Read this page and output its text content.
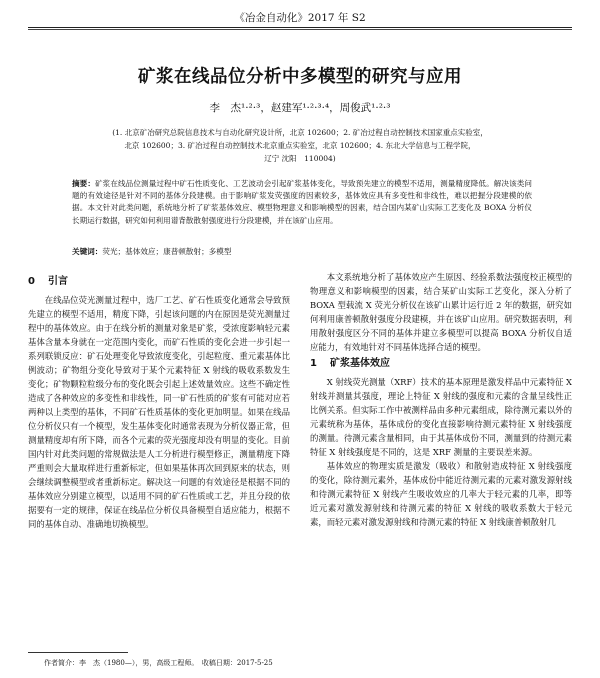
《冶金自动化》2017 年 S2
矿浆在线品位分析中多模型的研究与应用
李　杰¹·²·³，赵建军¹·²·³·⁴，周俊武¹·²·³
(1. 北京矿冶研究总院信息技术与自动化研究设计所，北京 102600；2. 矿冶过程自动控制技术国家重点实验室，
北京 102600；3. 矿冶过程自动控制技术北京重点实验室，北京 102600；4. 东北大学信息与工程学院，
辽宁 沈阳　110004)
摘要：矿浆在线品位测量过程中矿石性质变化、工艺波动会引起矿浆基体变化，导致预先建立的模型不适用，测量精度降低。解决该类问题的有效途径是针对不同的基体分段建模。由于影响矿浆发荧强度的因素较多，基体效应具有多变性和非线性，难以把握分段建模的依据。本文针对此类问题，系统地分析了矿浆基体效应、模型物理意义和影响模型的因素，结合国内某矿山实际工艺变化及 BOXA 分析仪长期运行数据，研究如何利用谱背散散射强度进行分段建模，并在该矿山应用。
关键词：荧光；基体效应；康普顿散射；多模型
0 引言

在线品位荧光测量过程中，选厂工艺、矿石性质变化通常会导致预先建立的模型不适用，精度下降，引起该问题的内在原因是荧光测量过程中的基体效应。由于在线分析的测量对象是矿浆，受浓度影响轻元素基体含量本身就在一定范围内变化，而矿石性质的变化会进一步引起一系列联锁反应：矿石处理变化导致浓度变化，引起粒度、重元素基体比例波动；矿物组分变化导致对于某个元素特征 X 射线的吸收系数发生变化；矿物颗粒粒级分布的变化既会引起上述效量效应。这些不确定性造成了各种效应的多变性和非线性，同一矿石性质的矿浆有可能对应若两种以上类型的基体，不同矿石性质基体的变化更加明显。如果在线品位分析仪只有一个模型，发生基体变化时通常表现为分析仪器正常，但测量精度却有所下降，而各个元素的荧光强度却没有明显的变化。目前国内针对此类问题的常规做法是人工分析进行模型修正，测量精度下降严重则会大量取样进行重新标定，但如果基体再次回到原来的状态，则会继续调整模型或者重新标定。解决这一问题的有效途径是根据不同的基体效应分别建立模型，以适用不同的矿石性质或工艺，并且分段的依据要有一定的规律，保证在线品位分析仪具备模型自适应能力，根据不同的基体自动、准确地切换模型。

本文系统地分析了基体效应产生原因、经验系数法强度校正模型的物理意义和影响模型的因素，结合某矿山实际工艺变化，深入分析了 BOXA 型载流 X 荧光分析仪在该矿山累计运行近 2 年的数据，研究如何利用康普顿散射强度分段建模，并在该矿山应用。研究数据表明，利用散射强度区分不同的基体并建立多模型可以提高 BOXA 分析仪自适应能力，有效地针对不同基体选择合适的模型。

1 矿浆基体效应

X 射线荧光测量（XRF）技术的基本原理是激发样品中元素特征 X 射线并测量其强度，理论上特征 X 射线的强度和元素的含量呈线性正比例关系。但实际工作中被测样品由多种元素组成，除待测元素以外的元素统称为基体，基体成份的变化直接影响待测元素特征 X 射线强度的测量。待测元素含量相同，由于其基体成份不同，测量到的待测元素特征 X 射线强度是不同的，这是 XRF 测量的主要误差来源。

基体效应的物理实质是激发（吸收）和散射造成特征 X 射线强度的变化，除待测元素外，基体成份中能近待测元素的元素对激发源射线和待测元素特征 X 射线产生吸收效应的几率大于轻元素的几率，即等近元素对激发源射线和待测元素的特征 X 射线的吸收系数大于轻元素，而轻元素对激发源射线和待测元素的特征 X 射线康普顿散射几

作者简介：李　杰（1980—），男，高级工程师。　收稿日期：2017-5-25
